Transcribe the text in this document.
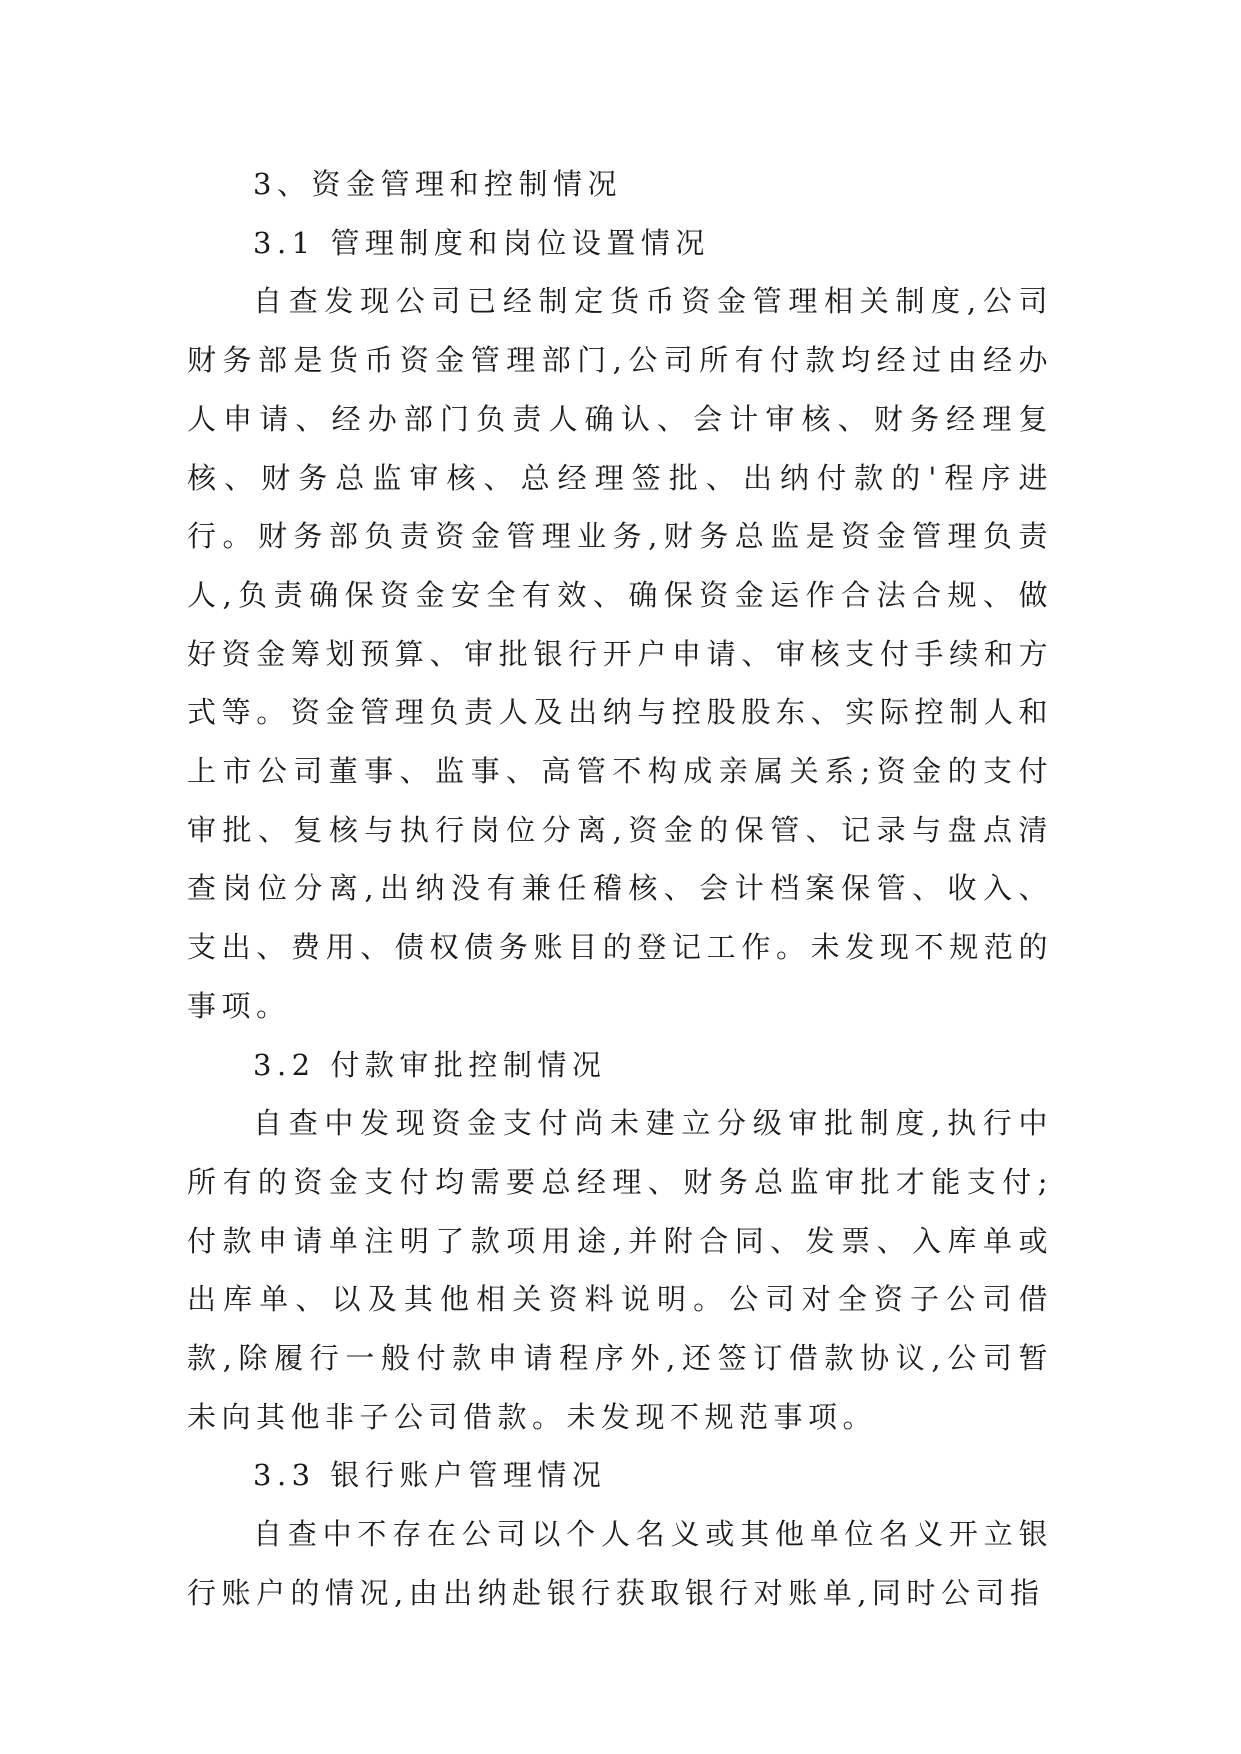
3、资金管理和控制情况

3.1 管理制度和岗位设置情况

自查发现公司已经制定货币资金管理相关制度,公司财务部是货币资金管理部门,公司所有付款均经过由经办人申请、经办部门负责人确认、会计审核、财务经理复核、财务总监审核、总经理签批、出纳付款的'程序进行。财务部负责资金管理业务,财务总监是资金管理负责人,负责确保资金安全有效、确保资金运作合法合规、做好资金筹划预算、审批银行开户申请、审核支付手续和方式等。资金管理负责人及出纳与控股股东、实际控制人和上市公司董事、监事、高管不构成亲属关系;资金的支付审批、复核与执行岗位分离,资金的保管、记录与盘点清查岗位分离,出纳没有兼任稽核、会计档案保管、收入、支出、费用、债权债务账目的登记工作。未发现不规范的事项。

3.2 付款审批控制情况

自查中发现资金支付尚未建立分级审批制度,执行中所有的资金支付均需要总经理、财务总监审批才能支付;付款申请单注明了款项用途,并附合同、发票、入库单或出库单、以及其他相关资料说明。公司对全资子公司借款,除履行一般付款申请程序外,还签订借款协议,公司暂未向其他非子公司借款。未发现不规范事项。

3.3 银行账户管理情况

自查中不存在公司以个人名义或其他单位名义开立银行账户的情况,由出纳赴银行获取银行对账单,同时公司指
